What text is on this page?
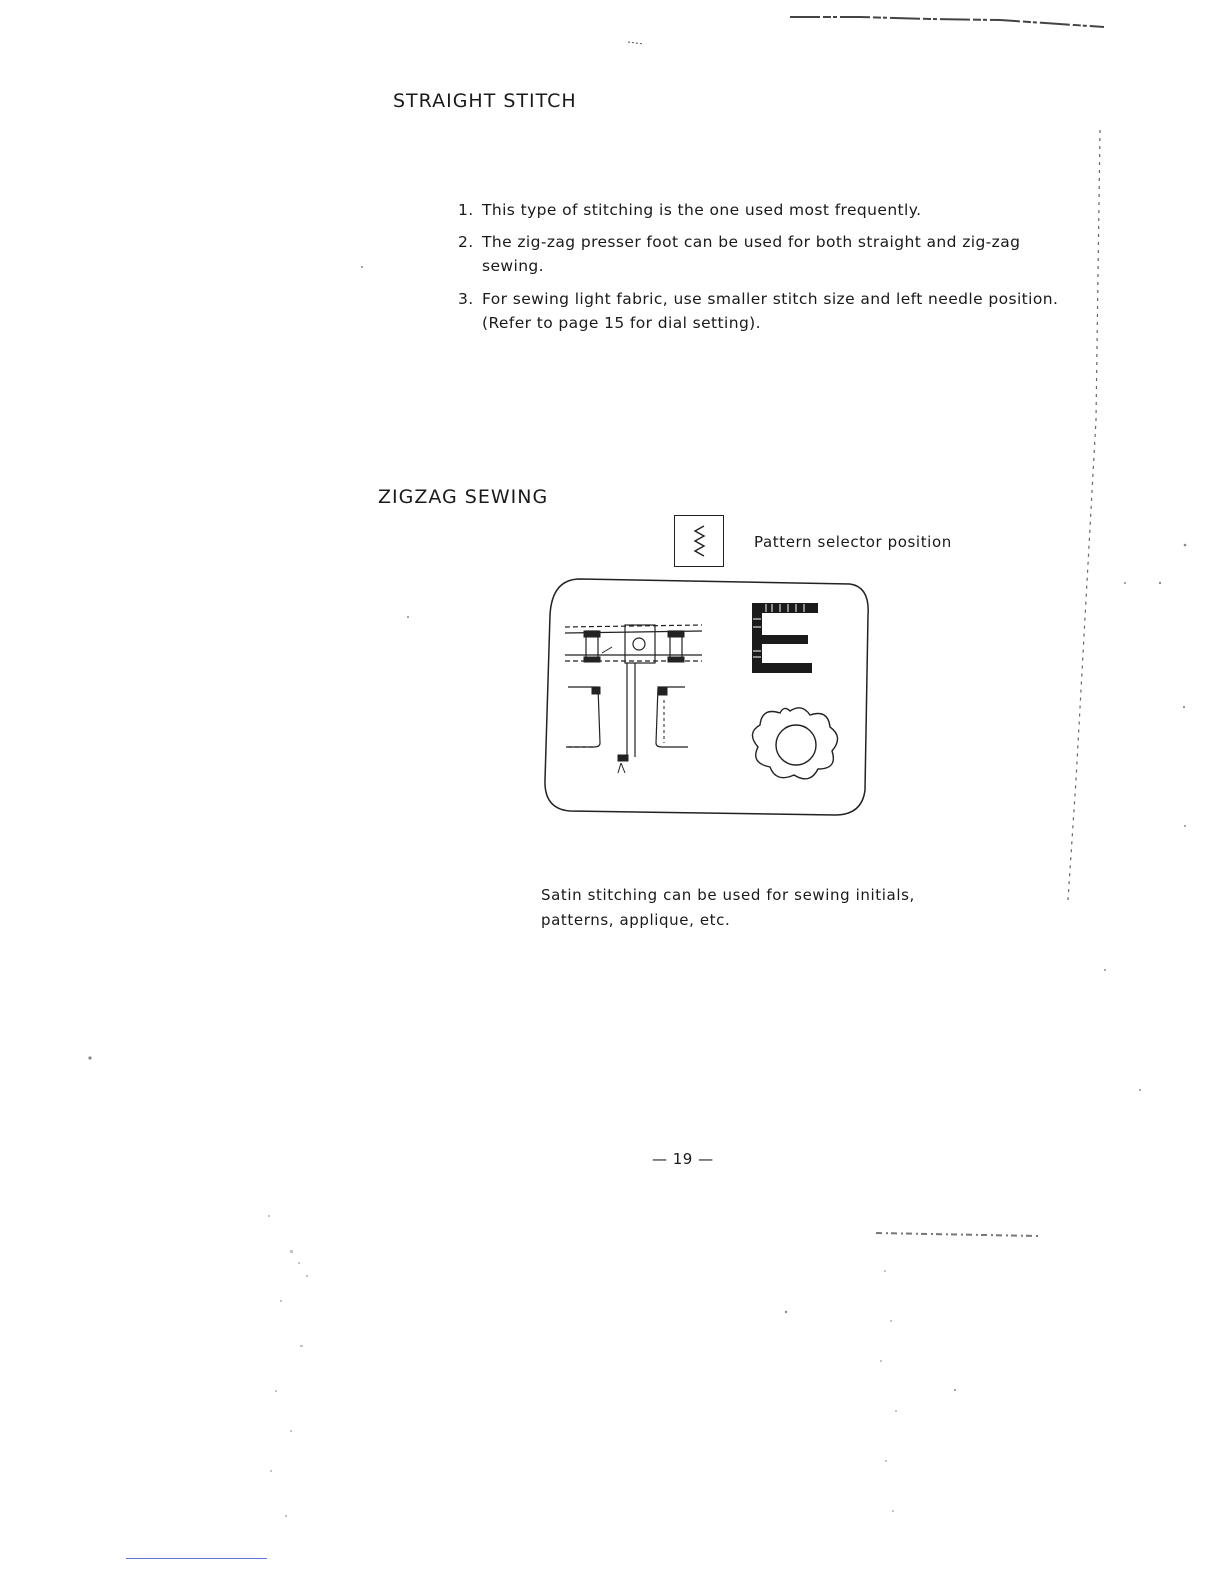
STRAIGHT STITCH
1. This type of stitching is the one used most frequently.
2. The zig-zag presser foot can be used for both straight and zig-zag sewing.
3. For sewing light fabric, use smaller stitch size and left needle position.
(Refer to page 15 for dial setting).
ZIGZAG SEWING
Pattern selector position

Satin stitching can be used for sewing initials, patterns, applique, etc.

— 19 —
